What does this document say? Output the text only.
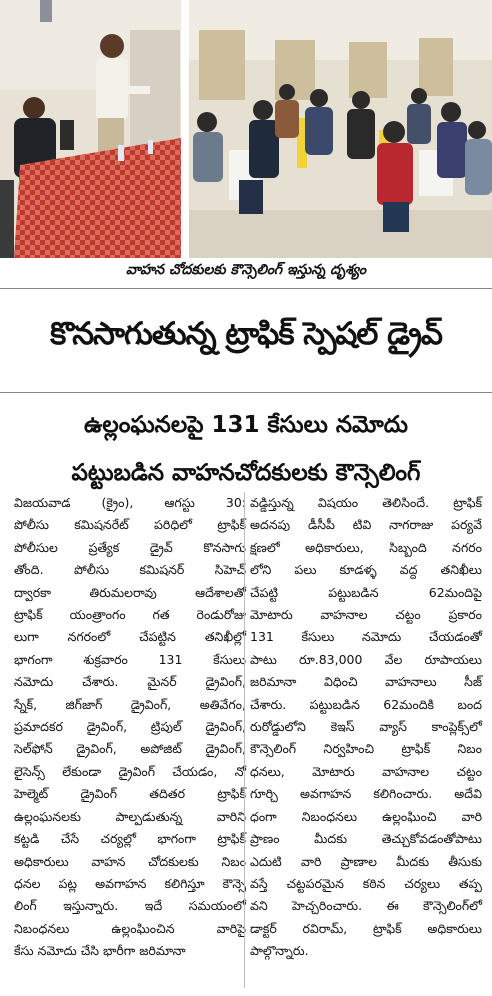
వాహన చోదకులకు కౌన్సెలింగ్ ఇస్తున్న దృశ్యం
కొనసాగుతున్న ట్రాఫిక్ స్పెషల్ డ్రైవ్
ఉల్లంఘనలపై 131 కేసులు నమోదు
పట్టుబడిన వాహనచోదకులకు కౌన్సెలింగ్
విజయవాడ (క్రైం), ఆగస్టు 30:
పోలీసు కమిషనరేట్ పరిధిలో ట్రాఫిక్
పోలీసుల ప్రత్యేక డ్రైవ్ కొనసాగు
తోంది. పోలీసు కమిషనర్ సిహెచ్
ద్వారకా తిరుమలరావు ఆదేశాలతో
ట్రాఫిక్ యంత్రాంగం గత రెండురోజు
లుగా నగరంలో చేపట్టిన తనిఖీల్లో
భాగంగా శుక్రవారం 131 కేసులు
నమోదు చేశారు. మైనర్ డ్రైవింగ్,
స్నేక్, జిగ్‌జాగ్ డ్రైవింగ్, అతివేగం,
ప్రమాదకర డ్రైవింగ్, ట్రిపుల్ డ్రైవింగ్,
సెల్‌ఫోన్ డ్రైవింగ్, అపోజిట్ డ్రైవింగ్,
లైసెన్స్ లేకుండా డ్రైవింగ్ చేయడం, నో
హెల్మెట్ డ్రైవింగ్ తదితర ట్రాఫిక్
ఉల్లంఘనలకు పాల్పడుతున్న వారిని
కట్టడి చేసే చర్యల్లో భాగంగా ట్రాఫిక్
అధికారులు వాహన చోదకులకు నిబం
ధనల పట్ల అవగాహన కలిగిస్తూ కౌన్సె
లింగ్ ఇస్తున్నారు. ఇదే సమయంలో
నిబంధనలు ఉల్లంఘించిన వారిపై
కేసు నమోదు చేసి భారీగా జరిమానా
వడ్డిస్తున్న విషయం తెలిసిందే. ట్రాఫిక్
అదనపు డీసీపీ టివి నాగరాజు పర్యవే
క్షణలో అధికారులు, సిబ్బంది నగరం
లోని పలు కూడళ్ళ వద్ద తనిఖీలు
చేపట్టి పట్టుబడిన 62మందిపై
మోటారు వాహనాల చట్టం ప్రకారం
131 కేసులు నమోదు చేయడంతో
పాటు రూ.83,000 వేల రూపాయలు
జరిమానా విధించి వాహనాలు సీజ్
చేశారు. పట్టుబడిన 62మందికి బంద
రురోడ్డులోని కెఇస్ వ్యాస్ కాంప్లెక్స్‌లో
కౌన్సెలింగ్ నిర్వహించి ట్రాఫిక్ నిబం
ధనలు, మోటారు వాహనాల చట్టం
గూర్చి అవగాహన కలిగించారు. అదేవి
ధంగా నిబంధనలు ఉల్లంఘించి వారి
ప్రాణం మీదకు తెచ్చుకోవడంతోపాటు
ఎదుటి వారి ప్రాణాల మీదకు తీసుకు
వస్తే చట్టపరమైన కఠిన చర్యలు తప్ప
వని హెచ్చరించారు. ఈ కౌన్సెలింగ్‌లో
డాక్టర్ రవిరామ్, ట్రాఫిక్ అధికారులు
పాల్గొన్నారు.
